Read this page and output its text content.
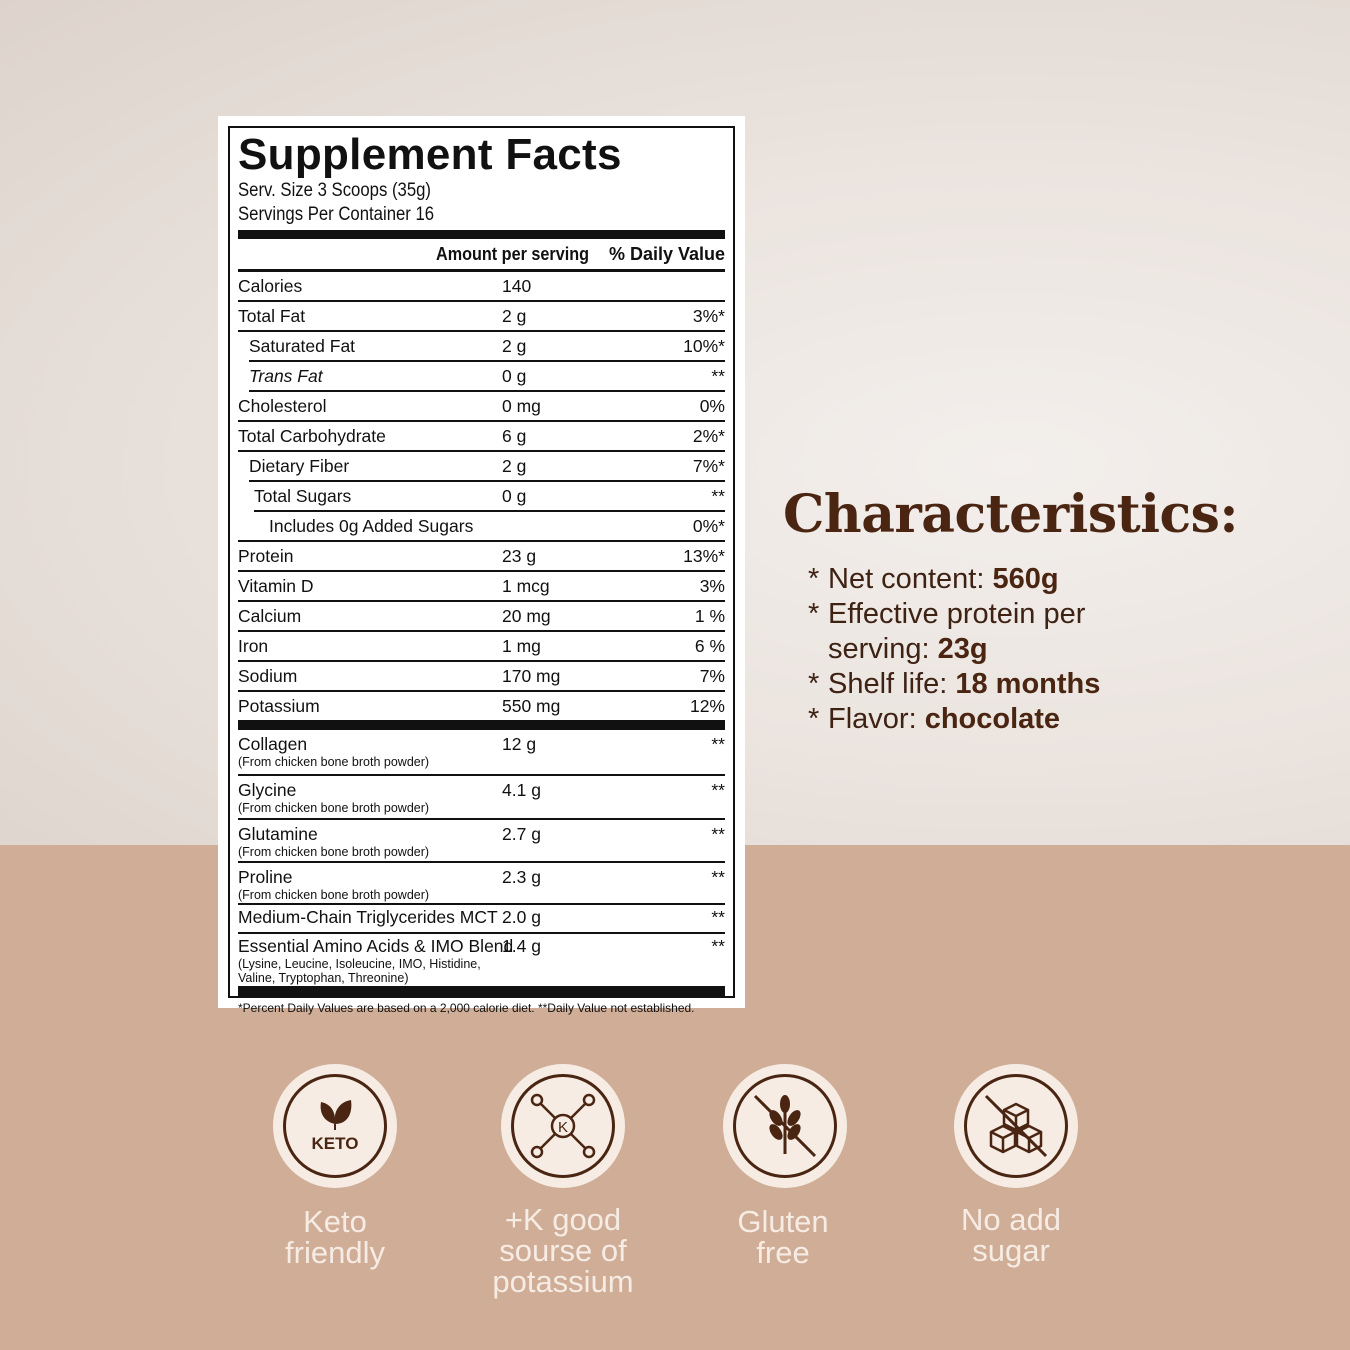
Supplement Facts
Serv. Size 3 Scoops (35g)
Servings Per Container 16
Amount per serving % Daily Value
Calories	140
Total Fat	2 g	3%*
Saturated Fat	2 g	10%*
Trans Fat	0 g	**
Cholesterol	0 mg	0%
Total Carbohydrate	6 g	2%*
Dietary Fiber	2 g	7%*
Total Sugars	0 g	**
Includes 0g Added Sugars	0%*
Protein	23 g	13%*
Vitamin D	1 mcg	3%
Calcium	20 mg	1 %
Iron	1 mg	6 %
Sodium	170 mg	7%
Potassium	550 mg	12%
Collagen
(From chicken bone broth powder)
12 g	**
Glycine
(From chicken bone broth powder)
4.1 g	**
Glutamine
(From chicken bone broth powder)
2.7 g	**
Proline
(From chicken bone broth powder)
2.3 g	**
Medium-Chain Triglycerides MCT 2.0 g	**
Essential Amino Acids & IMO Blend
(Lysine, Leucine, Isoleucine, IMO, Histidine,
Valine, Tryptophan, Threonine)
1.4 g	**
*Percent Daily Values are based on a 2,000 calorie diet. **Daily Value not established.
Characteristics:
* Net content: 560g
* Effective protein per
serving: 23g
* Shelf life: 18 months
* Flavor: chocolate
KETO
Keto
friendly
K
+K good
sourse of
potassium
Gluten
free
No add
sugar
